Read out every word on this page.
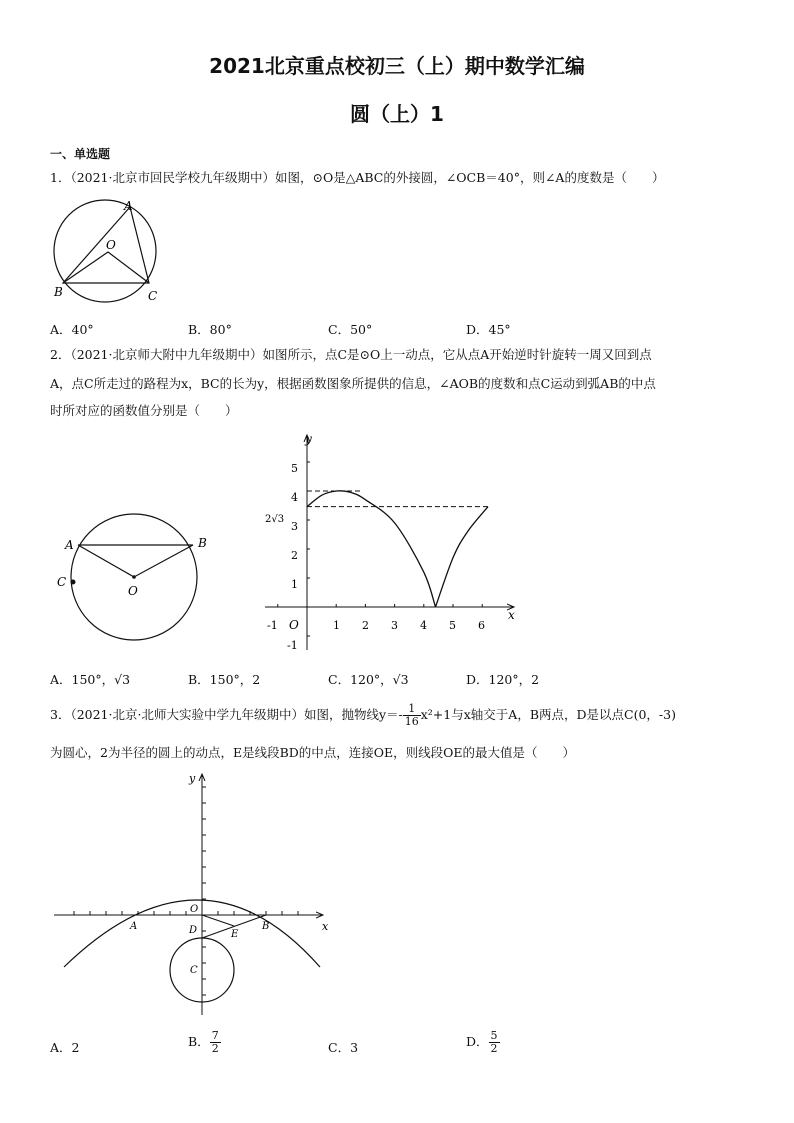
2021北京重点校初三（上）期中数学汇编
圆（上）1
一、单选题
1．（2021·北京市回民学校九年级期中）如图，⊙O是△ABC的外接圆，∠OCB＝40°，则∠A的度数是（　　）
A
O
B	C
A．40°	B．80°	C．50°	D．45°
2．（2021·北京师大附中九年级期中）如图所示，点C是⊙O上一动点，它从点A开始逆时针旋转一周又回到点
A，点C所走过的路程为x，BC的长为y，根据函数图象所提供的信息，∠AOB的度数和点C运动到弧AB的中点
时所对应的函数值分别是（　　）
A	B
C
O
y
x
O
2√3
5
4
3
2
1
-1
-1	1 2 3 4 5 6
A．150°，√3	B．150°，2	C．120°，√3	D．120°，2
3．（2021·北京·北师大实验中学九年级期中）如图，抛物线$y=- \frac{1}{16} x^2+1$与x轴交于A，B两点，D是以点C(0，-3)
为圆心，2为半径的圆上的动点，E是线段BD的中点，连接OE，则线段OE的最大值是（　　）
y
x
O
A	B
C
D	E
A．2	B． $\frac{7}{2}$	C．3	D． $\frac{5}{2}$
